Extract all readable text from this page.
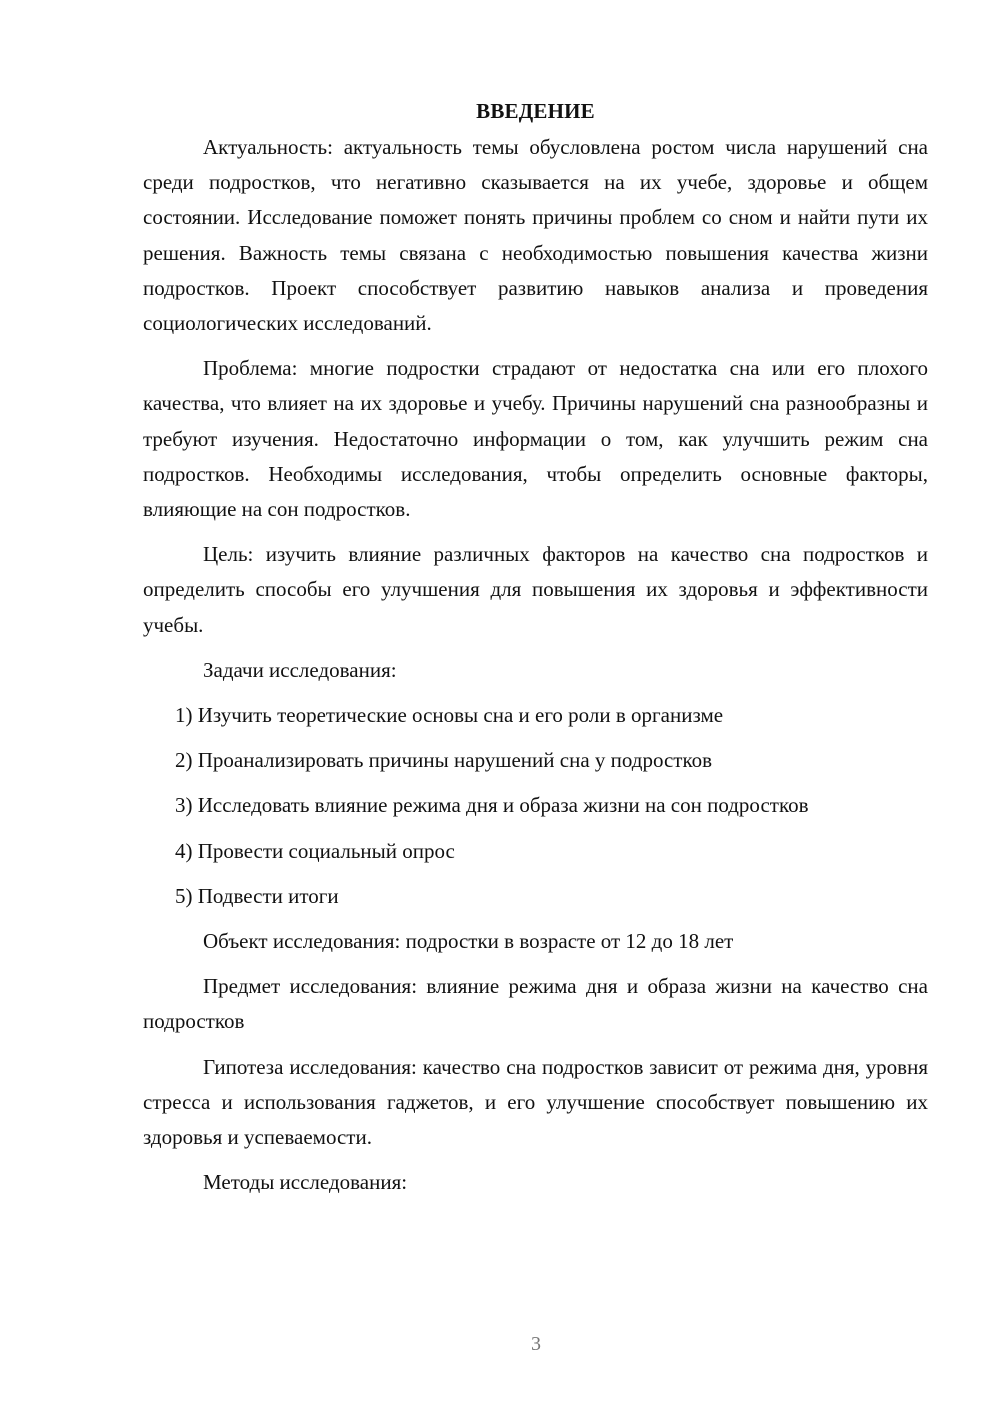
ВВЕДЕНИЕ

Актуальность: актуальность темы обусловлена ростом числа нарушений сна среди подростков, что негативно сказывается на их учебе, здоровье и общем состоянии. Исследование поможет понять причины проблем со сном и найти пути их решения. Важность темы связана с необходимостью повышения качества жизни подростков. Проект способствует развитию навыков анализа и проведения социологических исследований.

Проблема: многие подростки страдают от недостатка сна или его плохого качества, что влияет на их здоровье и учебу. Причины нарушений сна разнообразны и требуют изучения. Недостаточно информации о том, как улучшить режим сна подростков. Необходимы исследования, чтобы определить основные факторы, влияющие на сон подростков.

Цель: изучить влияние различных факторов на качество сна подростков и определить способы его улучшения для повышения их здоровья и эффективности учебы.

Задачи исследования:
1) Изучить теоретические основы сна и его роли в организме
2) Проанализировать причины нарушений сна у подростков
3) Исследовать влияние режима дня и образа жизни на сон подростков
4) Провести социальный опрос
5) Подвести итоги
Объект исследования: подростки в возрасте от 12 до 18 лет

Предмет исследования: влияние режима дня и образа жизни на качество сна подростков

Гипотеза исследования: качество сна подростков зависит от режима дня, уровня стресса и использования гаджетов, и его улучшение способствует повышению их здоровья и успеваемости.

Методы исследования:
3
